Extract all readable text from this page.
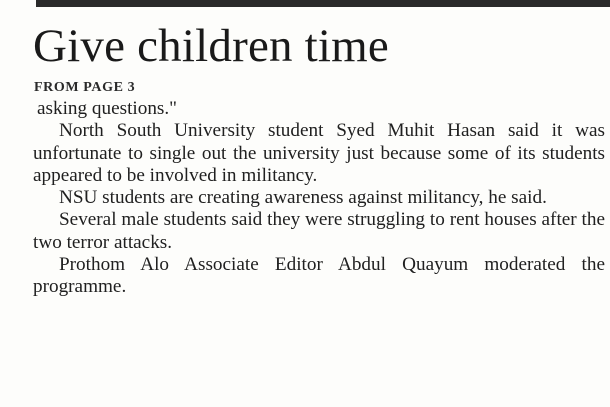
Give children time
FROM PAGE 3

asking questions."

North South University student Syed Muhit Hasan said it was unfortunate to single out the university just because some of its students appeared to be involved in militancy.

NSU students are creating awareness against militancy, he said.

Several male students said they were struggling to rent houses after the two terror attacks.

Prothom Alo Associate Editor Abdul Quayum moderated the programme.
